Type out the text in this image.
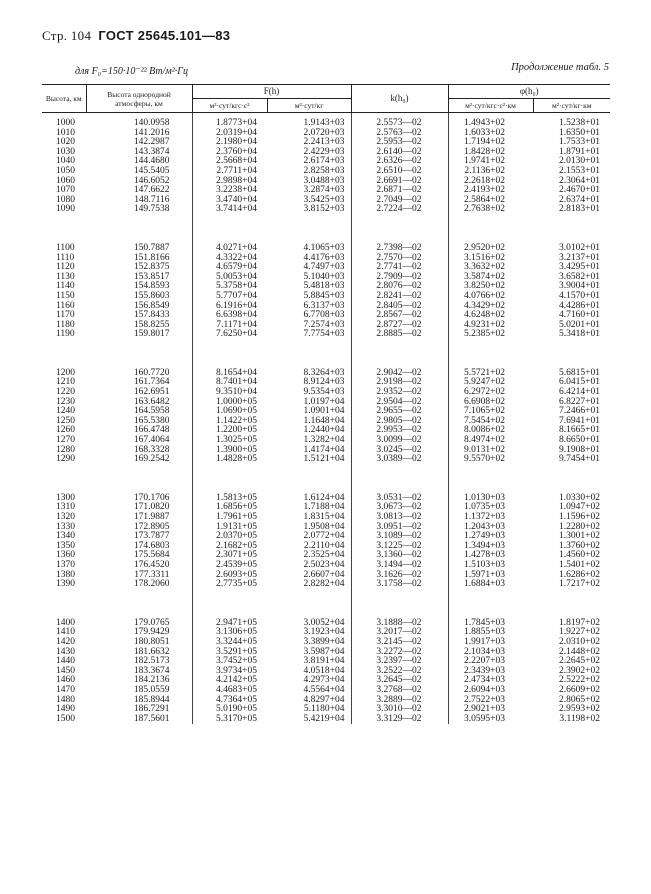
Стр. 104 ГОСТ 25645.101—83
для F₀=150·10⁻²² Вт/м²·Гц	Продолжение табл. 5
Высота, км	Высота однородной атмосферы, км	F(h)		k(h₀)	φ(h₀)	
		м²·сут/кгс·с²	м²·сут/кг		м²·сут/кгс·с²·км	м²·сут/кг·км

1000	140.0958	1.8773+04	1.9143+03	2.5573—02	1.4943+02	1.5238+01
1010	141.2016	2.0319+04	2.0720+03	2.5763—02	1.6033+02	1.6350+01
1020	142.2987	2.1980+04	2.2413+03	2.5953—02	1.7194+02	1.7533+01
1030	143.3874	2.3760+04	2.4229+03	2.6140—02	1.8428+02	1.8791+01
1040	144.4680	2.5668+04	2.6174+03	2.6326—02	1.9741+02	2.0130+01
1050	145.5405	2.7711+04	2.8258+03	2.6510—02	2.1136+02	2.1553+01
1060	146.6052	2.9898+04	3.0488+03	2.6691—02	2.2618+02	2.3064+01
1070	147.6622	3.2238+04	3.2874+03	2.6871—02	2.4193+02	2.4670+01
1080	148.7116	3.4740+04	3.5425+03	2.7049—02	2.5864+02	2.6374+01
1090	149.7538	3.7414+04	3.8152+03	2.7224—02	2.7638+02	2.8183+01

1100	150.7887	4.0271+04	4.1065+03	2.7398—02	2.9520+02	3.0102+01
1110	151.8166	4.3322+04	4.4176+03	2.7570—02	3.1516+02	3.2137+01
1120	152.8375	4.6579+04	4.7497+03	2.7741—02	3.3632+02	3.4295+01
1130	153.8517	5.0053+04	5.1040+03	2.7909—02	3.5874+02	3.6582+01
1140	154.8593	5.3758+04	5.4818+03	2.8076—02	3.8250+02	3.9004+01
1150	155.8603	5.7707+04	5.8845+03	2.8241—02	4.0766+02	4.1570+01
1160	156.8549	6.1916+04	6.3137+03	2.8405—02	4.3429+02	4.4286+01
1170	157.8433	6.6398+04	6.7708+03	2.8567—02	4.6248+02	4.7160+01
1180	158.8255	7.1171+04	7.2574+03	2.8727—02	4.9231+02	5.0201+01
1190	159.8017	7.6250+04	7.7754+03	2.8885—02	5.2385+02	5.3418+01

1200	160.7720	8.1654+04	8.3264+03	2.9042—02	5.5721+02	5.6815+01
1210	161.7364	8.7401+04	8.9124+03	2.9198—02	5.9247+02	6.0415+01
1220	162.6951	9.3510+04	9.5354+03	2.9352—02	6.2972+02	6.4214+01
1230	163.6482	1.0000+05	1.0197+04	2.9504—02	6.6908+02	6.8227+01
1240	164.5958	1.0690+05	1.0901+04	2.9655—02	7.1065+02	7.2466+01
1250	165.5380	1.1422+05	1.1648+04	2.9805—02	7.5454+02	7.6941+01
1260	166.4748	1.2200+05	1.2440+04	2.9953—02	8.0086+02	8.1665+01
1270	167.4064	1.3025+05	1.3282+04	3.0099—02	8.4974+02	8.6650+01
1280	168.3328	1.3900+05	1.4174+04	3.0245—02	9.0131+02	9.1908+01
1290	169.2542	1.4828+05	1.5121+04	3.0389—02	9.5570+02	9.7454+01

1300	170.1706	1.5813+05	1.6124+04	3.0531—02	1.0130+03	1.0330+02
1310	171.0820	1.6856+05	1.7188+04	3.0673—02	1.0735+03	1.0947+02
1320	171.9887	1.7961+05	1.8315+04	3.0813—02	1.1372+03	1.1596+02
1330	172.8905	1.9131+05	1.9508+04	3.0951—02	1.2043+03	1.2280+02
1340	173.7877	2.0370+05	2.0772+04	3.1089—02	1.2749+03	1.3001+02
1350	174.6803	2.1682+05	2.2110+04	3.1225—02	1.3494+03	1.3760+02
1360	175.5684	2.3071+05	2.3525+04	3.1360—02	1.4278+03	1.4560+02
1370	176.4520	2.4539+05	2.5023+04	3.1494—02	1.5103+03	1.5401+02
1380	177.3311	2.6093+05	2.6607+04	3.1626—02	1.5971+03	1.6286+02
1390	178.2060	2.7735+05	2.8282+04	3.1758—02	1.6884+03	1.7217+02

1400	179.0765	2.9471+05	3.0052+04	3.1888—02	1.7845+03	1.8197+02
1410	179.9429	3.1306+05	3.1923+04	3.2017—02	1.8855+03	1.9227+02
1420	180.8051	3.3244+05	3.3899+04	3.2145—02	1.9917+03	2.0310+02
1430	181.6632	3.5291+05	3.5987+04	3.2272—02	2.1034+03	2.1448+02
1440	182.5173	3.7452+05	3.8191+04	3.2397—02	2.2207+03	2.2645+02
1450	183.3674	3.9734+05	4.0518+04	3.2522—02	2.3439+03	2.3902+02
1460	184.2136	4.2142+05	4.2973+04	3.2645—02	2.4734+03	2.5222+02
1470	185.0559	4.4683+05	4.5564+04	3.2768—02	2.6094+03	2.6609+02
1480	185.8944	4.7364+05	4.8297+04	3.2889—02	2.7522+03	2.8065+02
1490	186.7291	5.0190+05	5.1180+04	3.3010—02	2.9021+03	2.9593+02
1500	187.5601	5.3170+05	5.4219+04	3.3129—02	3.0595+03	3.1198+02
